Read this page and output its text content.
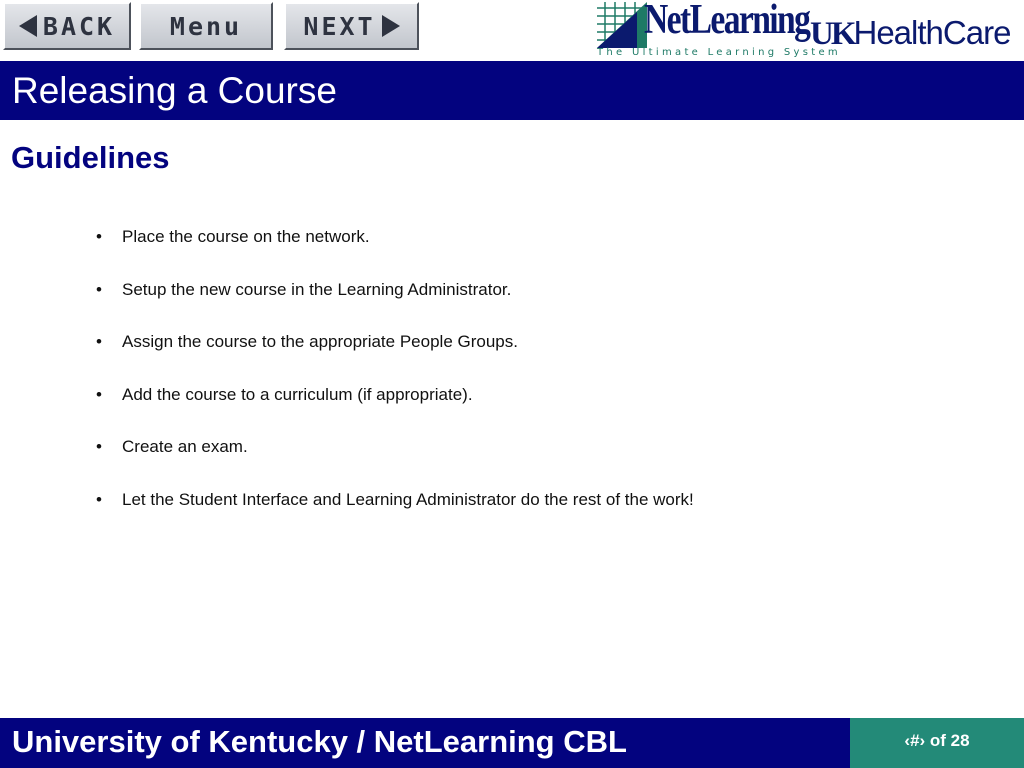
BACK Menu NEXT	NetLearning
The Ultimate Learning System
UKHealthCare
Releasing a Course
Guidelines
•	Place the course on the network.
•	Setup the new course in the Learning Administrator.
•	Assign the course to the appropriate People Groups.
•	Add the course to a curriculum (if appropriate).
•	Create an exam.
•	Let the Student Interface and Learning Administrator do the rest of the work!
University of Kentucky / NetLearning CBL	‹#› of 28
